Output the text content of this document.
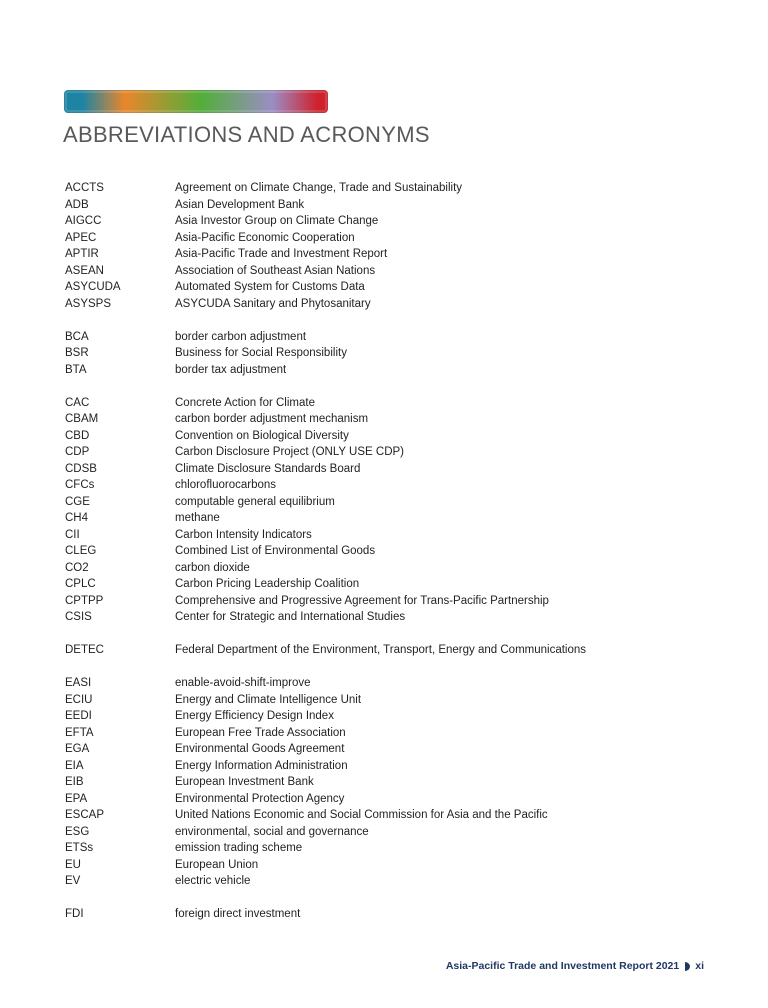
ABBREVIATIONS AND ACRONYMS
ACCTS	Agreement on Climate Change, Trade and Sustainability
ADB	Asian Development Bank
AIGCC	Asia Investor Group on Climate Change
APEC	Asia-Pacific Economic Cooperation
APTIR	Asia-Pacific Trade and Investment Report
ASEAN	Association of Southeast Asian Nations
ASYCUDA	Automated System for Customs Data
ASYSPS	ASYCUDA Sanitary and Phytosanitary
BCA	border carbon adjustment
BSR	Business for Social Responsibility
BTA	border tax adjustment
CAC	Concrete Action for Climate
CBAM	carbon border adjustment mechanism
CBD	Convention on Biological Diversity
CDP	Carbon Disclosure Project (ONLY USE CDP)
CDSB	Climate Disclosure Standards Board
CFCs	chlorofluorocarbons
CGE	computable general equilibrium
CH4	methane
CII	Carbon Intensity Indicators
CLEG	Combined List of Environmental Goods
CO2	carbon dioxide
CPLC	Carbon Pricing Leadership Coalition
CPTPP	Comprehensive and Progressive Agreement for Trans-Pacific Partnership
CSIS	Center for Strategic and International Studies
DETEC	Federal Department of the Environment, Transport, Energy and Communications
EASI	enable-avoid-shift-improve
ECIU	Energy and Climate Intelligence Unit
EEDI	Energy Efficiency Design Index
EFTA	European Free Trade Association
EGA	Environmental Goods Agreement
EIA	Energy Information Administration
EIB	European Investment Bank
EPA	Environmental Protection Agency
ESCAP	United Nations Economic and Social Commission for Asia and the Pacific
ESG	environmental, social and governance
ETSs	emission trading scheme
EU	European Union
EV	electric vehicle
FDI	foreign direct investment
Asia-Pacific Trade and Investment Report 2021 xi
